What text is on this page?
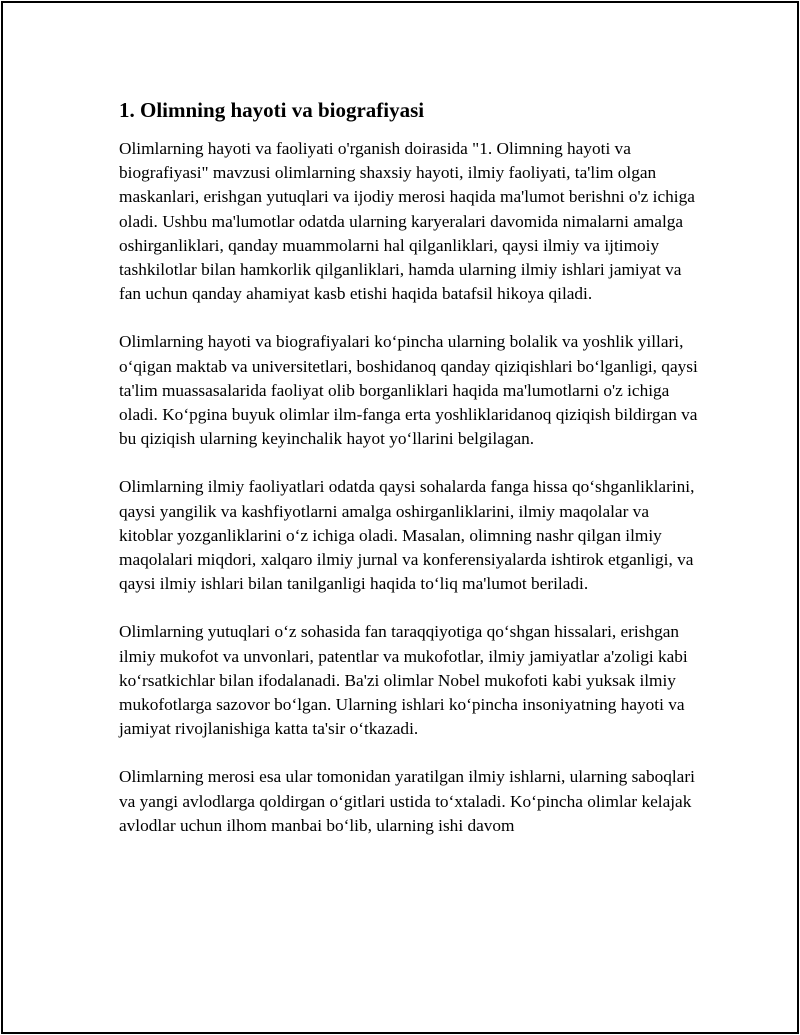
1. Olimning hayoti va biografiyasi

Olimlarning hayoti va faoliyati o'rganish doirasida "1. Olimning hayoti va biografiyasi" mavzusi olimlarning shaxsiy hayoti, ilmiy faoliyati, ta'lim olgan maskanlari, erishgan yutuqlari va ijodiy merosi haqida ma'lumot berishni o'z ichiga oladi. Ushbu ma'lumotlar odatda ularning karyeralari davomida nimalarni amalga oshirganliklari, qanday muammolarni hal qilganliklari, qaysi ilmiy va ijtimoiy tashkilotlar bilan hamkorlik qilganliklari, hamda ularning ilmiy ishlari jamiyat va fan uchun qanday ahamiyat kasb etishi haqida batafsil hikoya qiladi.

Olimlarning hayoti va biografiyalari ko‘pincha ularning bolalik va yoshlik yillari, o‘qigan maktab va universitetlari, boshidanoq qanday qiziqishlari bo‘lganligi, qaysi ta'lim muassasalarida faoliyat olib borganliklari haqida ma'lumotlarni o'z ichiga oladi. Ko‘pgina buyuk olimlar ilm-fanga erta yoshliklaridanoq qiziqish bildirgan va bu qiziqish ularning keyinchalik hayot yo‘llarini belgilagan.

Olimlarning ilmiy faoliyatlari odatda qaysi sohalarda fanga hissa qo‘shganliklarini, qaysi yangilik va kashfiyotlarni amalga oshirganliklarini, ilmiy maqolalar va kitoblar yozganliklarini o‘z ichiga oladi. Masalan, olimning nashr qilgan ilmiy maqolalari miqdori, xalqaro ilmiy jurnal va konferensiyalarda ishtirok etganligi, va qaysi ilmiy ishlari bilan tanilganligi haqida to‘liq ma'lumot beriladi.

Olimlarning yutuqlari o‘z sohasida fan taraqqiyotiga qo‘shgan hissalari, erishgan ilmiy mukofot va unvonlari, patentlar va mukofotlar, ilmiy jamiyatlar a'zoligi kabi ko‘rsatkichlar bilan ifodalanadi. Ba'zi olimlar Nobel mukofoti kabi yuksak ilmiy mukofotlarga sazovor bo‘lgan. Ularning ishlari ko‘pincha insoniyatning hayoti va jamiyat rivojlanishiga katta ta'sir o‘tkazadi.

Olimlarning merosi esa ular tomonidan yaratilgan ilmiy ishlarni, ularning saboqlari va yangi avlodlarga qoldirgan o‘gitlari ustida to‘xtaladi. Ko‘pincha olimlar kelajak avlodlar uchun ilhom manbai bo‘lib, ularning ishi davom
